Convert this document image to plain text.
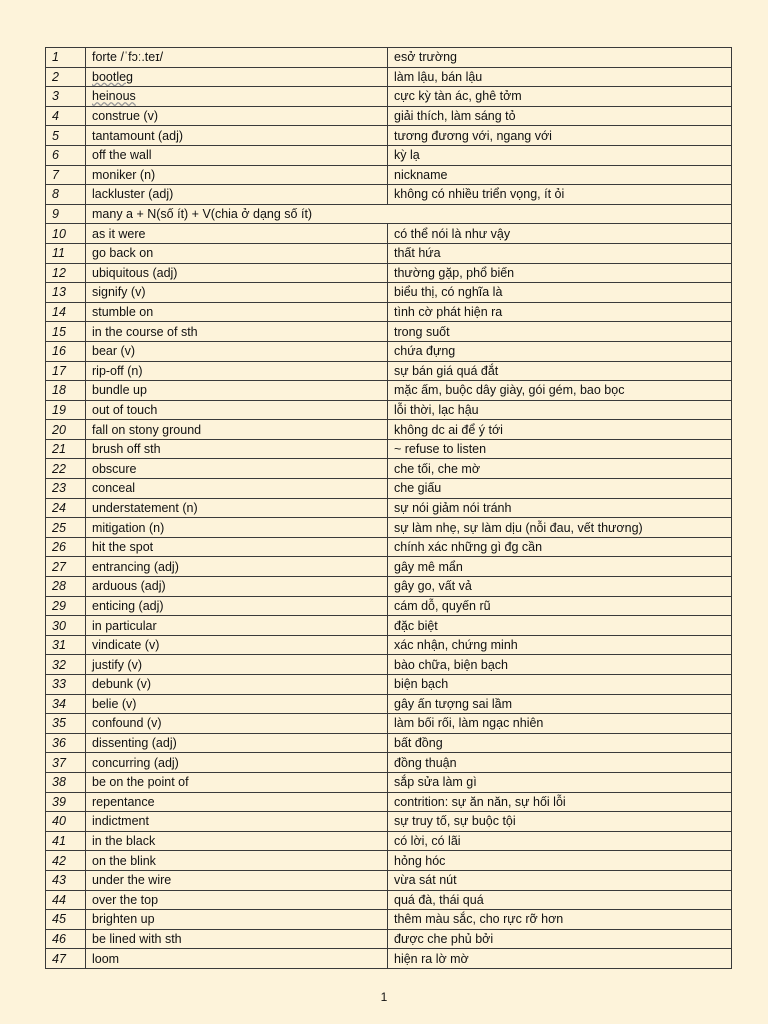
1	forte /ˈfɔː.teɪ/	esở trường
2	bootleg	làm lậu, bán lậu
3	heinous	cực kỳ tàn ác, ghê tởm
4	construe (v)	giải thích, làm sáng tỏ
5	tantamount (adj)	tương đương với, ngang với
6	off the wall	kỳ lạ
7	moniker (n)	nickname
8	lackluster (adj)	không có nhiều triển vọng, ít ỏi
9	many a + N(số ít) + V(chia ở dạng số ít)	
10	as it were	có thể nói là như vậy
11	go back on	thất hứa
12	ubiquitous (adj)	thường gặp, phổ biến
13	signify (v)	biểu thị, có nghĩa là
14	stumble on	tình cờ phát hiện ra
15	in the course of sth	trong suốt
16	bear (v)	chứa đựng
17	rip-off (n)	sự bán giá quá đắt
18	bundle up	mặc ấm, buộc dây giày, gói gém, bao bọc
19	out of touch	lỗi thời, lạc hậu
20	fall on stony ground	không dc ai để ý tới
21	brush off sth	~ refuse to listen
22	obscure	che tối, che mờ
23	conceal	che giấu
24	understatement (n)	sự nói giảm nói tránh
25	mitigation (n)	sự làm nhẹ, sự làm dịu (nỗi đau, vết thương)
26	hit the spot	chính xác những gì đg cần
27	entrancing (adj)	gây mê mẩn
28	arduous (adj)	gây go, vất vả
29	enticing (adj)	cám dỗ, quyến rũ
30	in particular	đặc biệt
31	vindicate (v)	xác nhận, chứng minh
32	justify (v)	bào chữa, biện bạch
33	debunk (v)	biện bạch
34	belie (v)	gây ấn tượng sai lầm
35	confound (v)	làm bối rối, làm ngạc nhiên
36	dissenting (adj)	bất đồng
37	concurring (adj)	đồng thuận
38	be on the point of	sắp sửa làm gì
39	repentance	contrition: sự ăn năn, sự hối lỗi
40	indictment	sự truy tố, sự buộc tội
41	in the black	có lời, có lãi
42	on the blink	hỏng hóc
43	under the wire	vừa sát nút
44	over the top	quá đà, thái quá
45	brighten up	thêm màu sắc, cho rực rỡ hơn
46	be lined with sth	được che phủ bởi
47	loom	hiện ra lờ mờ
1
